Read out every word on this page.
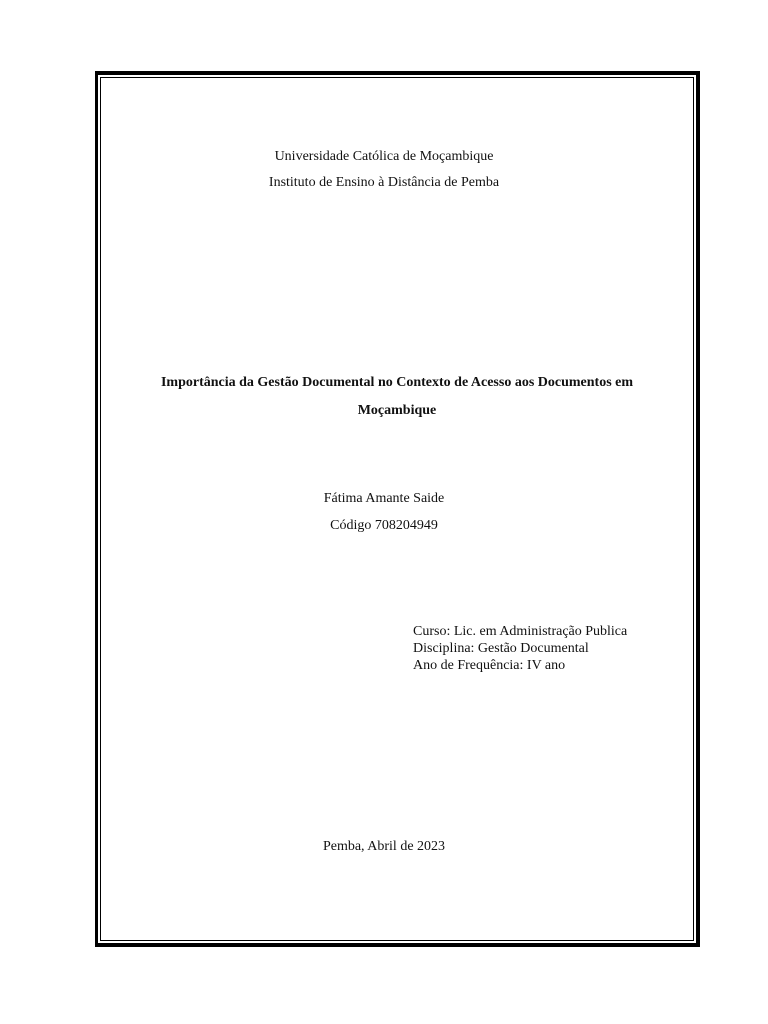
Universidade Católica de Moçambique
Instituto de Ensino à Distância de Pemba
Importância da Gestão Documental no Contexto de Acesso aos Documentos em
Moçambique
Fátima Amante Saide
Código 708204949
Curso: Lic. em Administração Publica
Disciplina: Gestão Documental
Ano de Frequência: IV ano
Pemba, Abril de 2023
